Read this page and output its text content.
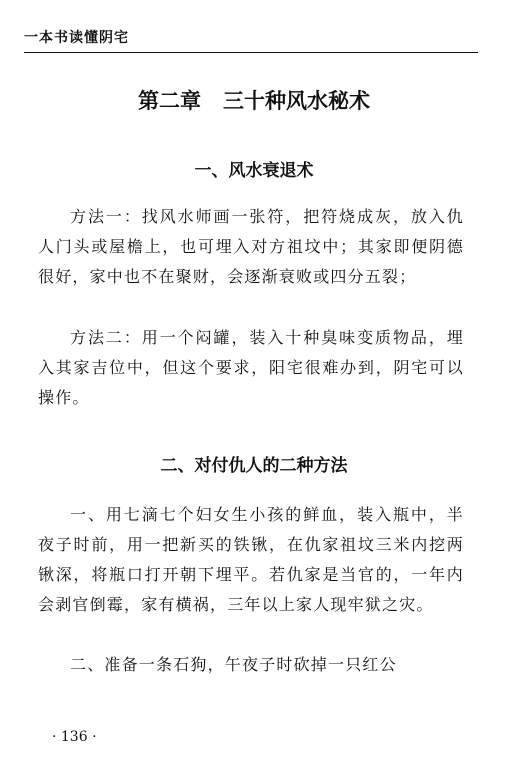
一本书读懂阴宅
第二章 三十种风水秘术
一、风水衰退术

方法一：找风水师画一张符，把符烧成灰，放入仇人门头或屋檐上，也可埋入对方祖坟中；其家即便阴德很好，家中也不在聚财，会逐渐衰败或四分五裂；

方法二：用一个闷罐，装入十种臭味变质物品，埋入其家吉位中，但这个要求，阳宅很难办到，阴宅可以操作。

二、对付仇人的二种方法

一、用七滴七个妇女生小孩的鲜血，装入瓶中，半夜子时前，用一把新买的铁锹，在仇家祖坟三米内挖两锹深，将瓶口打开朝下埋平。若仇家是当官的，一年内会剥官倒霉，家有横祸，三年以上家人现牢狱之灾。

二、准备一条石狗，午夜子时砍掉一只红公

· 136 ·
